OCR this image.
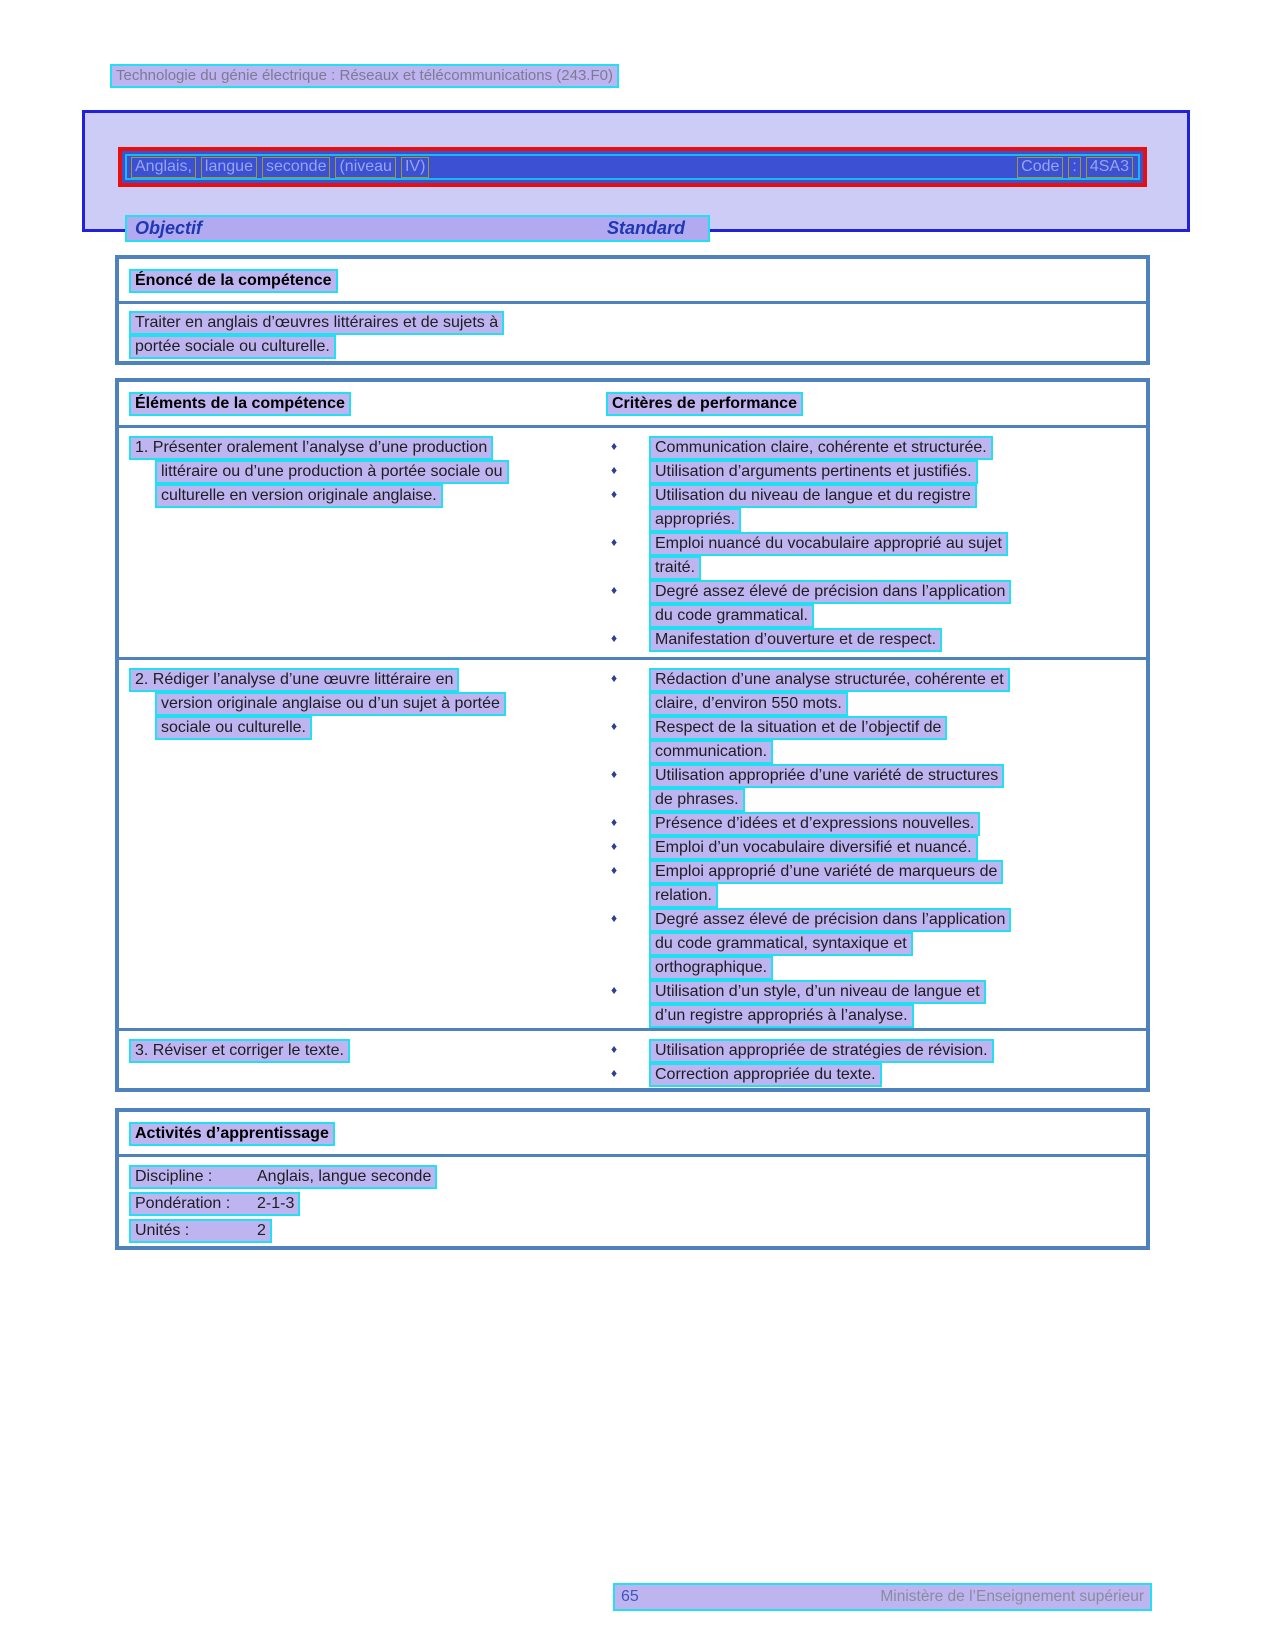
Technologie du génie électrique : Réseaux et télécommunications (243.F0)
Anglais, langue seconde (niveau IV)	Code : 4SA3
Objectif	Standard
Énoncé de la compétence
Traiter en anglais d’œuvres littéraires et de sujets à
portée sociale ou culturelle.
Éléments de la compétence	Critères de performance
1. Présenter oralement l’analyse d’une production
littéraire ou d’une production à portée sociale ou
culturelle en version originale anglaise.
♦	Communication claire, cohérente et structurée.
♦	Utilisation d’arguments pertinents et justifiés.
♦	Utilisation du niveau de langue et du registre
appropriés.
♦	Emploi nuancé du vocabulaire approprié au sujet
traité.
♦	Degré assez élevé de précision dans l’application
du code grammatical.
♦	Manifestation d’ouverture et de respect.
2. Rédiger l’analyse d’une œuvre littéraire en
version originale anglaise ou d’un sujet à portée
sociale ou culturelle.
♦	Rédaction d’une analyse structurée, cohérente et
claire, d’environ 550 mots.
♦	Respect de la situation et de l’objectif de
communication.
♦	Utilisation appropriée d’une variété de structures
de phrases.
♦	Présence d’idées et d’expressions nouvelles.
♦	Emploi d’un vocabulaire diversifié et nuancé.
♦	Emploi approprié d’une variété de marqueurs de
relation.
♦	Degré assez élevé de précision dans l’application
du code grammatical, syntaxique et
orthographique.
♦	Utilisation d’un style, d’un niveau de langue et
d’un registre appropriés à l’analyse.
3. Réviser et corriger le texte.	♦	Utilisation appropriée de stratégies de révision.
♦	Correction appropriée du texte.
Activités d’apprentissage
Discipline :	Anglais, langue seconde
Pondération : 2-1-3
Unités :	2
65	Ministère de l’Enseignement supérieur
